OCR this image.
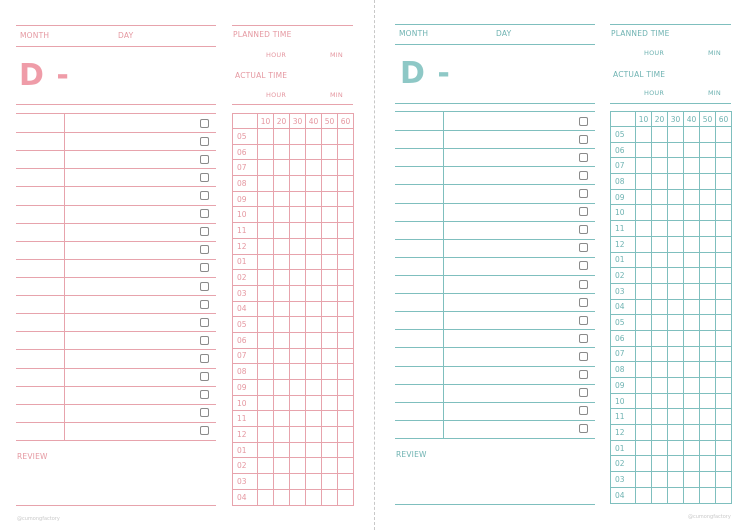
MONTH	DAY
D -
PLANNED TIME
HOUR	MIN
ACTUAL TIME
HOUR	MIN
	10	20	30	40	50	60
05						
06						
07						
08						
09						
10						
11						
12						
01						
02						
03						
04						
05						
06						
07						
08						
09						
10						
11						
12						
01						
02						
03						
04						
REVIEW
@cumongfactory
MONTH	DAY
D -
PLANNED TIME
HOUR	MIN
ACTUAL TIME
HOUR	MIN
	10	20	30	40	50	60
05						
06						
07						
08						
09						
10						
11						
12						
01						
02						
03						
04						
05						
06						
07						
08						
09						
10						
11						
12						
01						
02						
03						
04						
REVIEW
@cumongfactory
